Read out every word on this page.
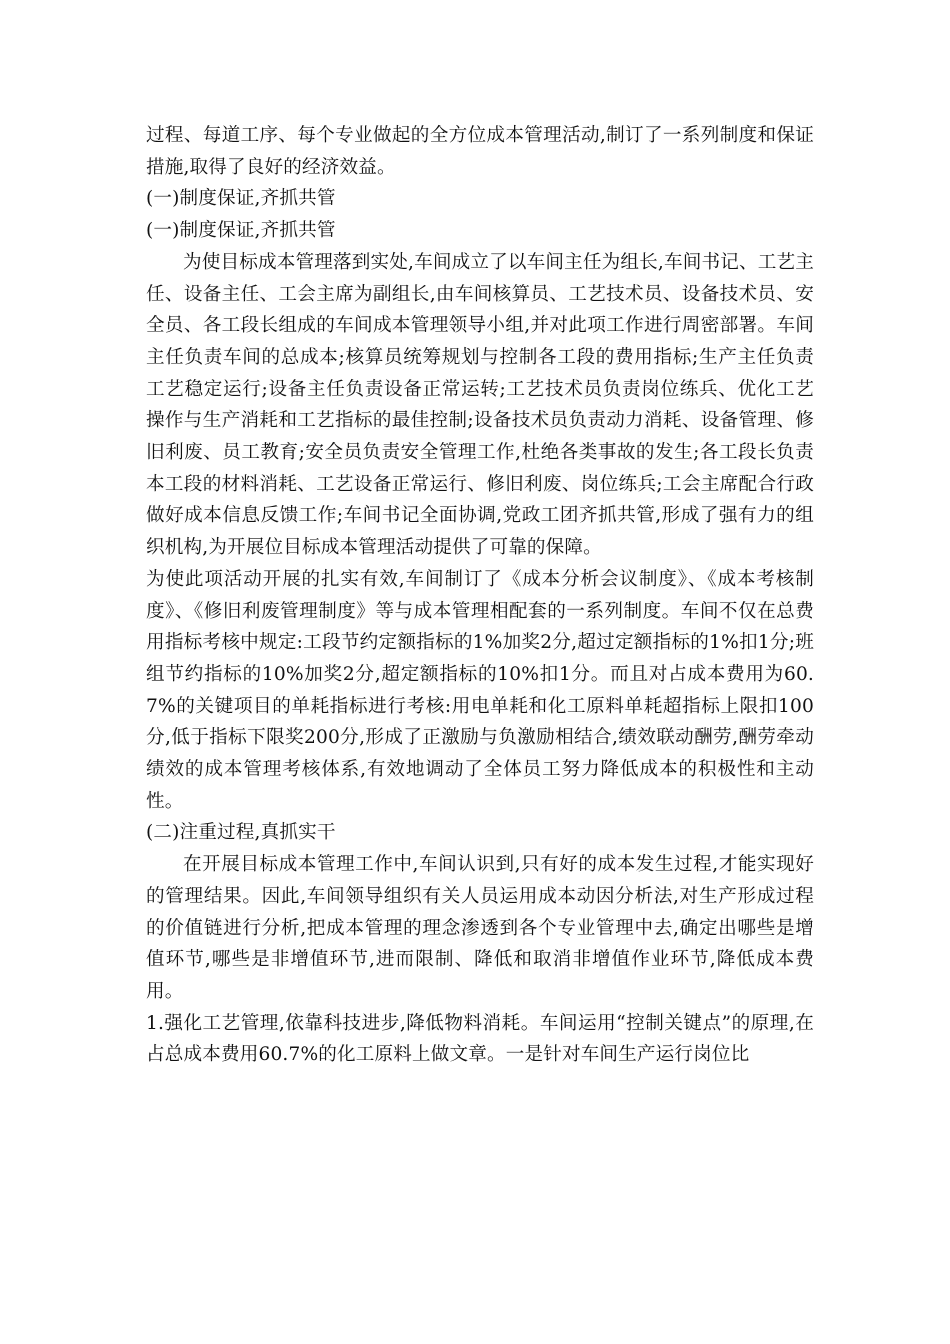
过程、每道工序、每个专业做起的全方位成本管理活动,制订了一系列制度和保证措施,取得了良好的经济效益。

(一)制度保证,齐抓共管

(一)制度保证,齐抓共管

为使目标成本管理落到实处,车间成立了以车间主任为组长,车间书记、工艺主任、设备主任、工会主席为副组长,由车间核算员、工艺技术员、设备技术员、安全员、各工段长组成的车间成本管理领导小组,并对此项工作进行周密部署。车间主任负责车间的总成本;核算员统筹规划与控制各工段的费用指标;生产主任负责工艺稳定运行;设备主任负责设备正常运转;工艺技术员负责岗位练兵、优化工艺操作与生产消耗和工艺指标的最佳控制;设备技术员负责动力消耗、设备管理、修旧利废、员工教育;安全员负责安全管理工作,杜绝各类事故的发生;各工段长负责本工段的材料消耗、工艺设备正常运行、修旧利废、岗位练兵;工会主席配合行政做好成本信息反馈工作;车间书记全面协调,党政工团齐抓共管,形成了强有力的组织机构,为开展位目标成本管理活动提供了可靠的保障。

为使此项活动开展的扎实有效,车间制订了《成本分析会议制度》、《成本考核制度》、《修旧利废管理制度》等与成本管理相配套的一系列制度。车间不仅在总费用指标考核中规定:工段节约定额指标的1%加奖2分,超过定额指标的1%扣1分;班组节约指标的10%加奖2分,超定额指标的10%扣1分。而且对占成本费用为60.7%的关键项目的单耗指标进行考核:用电单耗和化工原料单耗超指标上限扣100分,低于指标下限奖200分,形成了正激励与负激励相结合,绩效联动酬劳,酬劳牵动绩效的成本管理考核体系,有效地调动了全体员工努力降低成本的积极性和主动性。

(二)注重过程,真抓实干

在开展目标成本管理工作中,车间认识到,只有好的成本发生过程,才能实现好的管理结果。因此,车间领导组织有关人员运用成本动因分析法,对生产形成过程的价值链进行分析,把成本管理的理念渗透到各个专业管理中去,确定出哪些是增值环节,哪些是非增值环节,进而限制、降低和取消非增值作业环节,降低成本费用。

1.强化工艺管理,依靠科技进步,降低物料消耗。车间运用“控制关键点”的原理,在占总成本费用60.7%的化工原料上做文章。一是针对车间生产运行岗位比
